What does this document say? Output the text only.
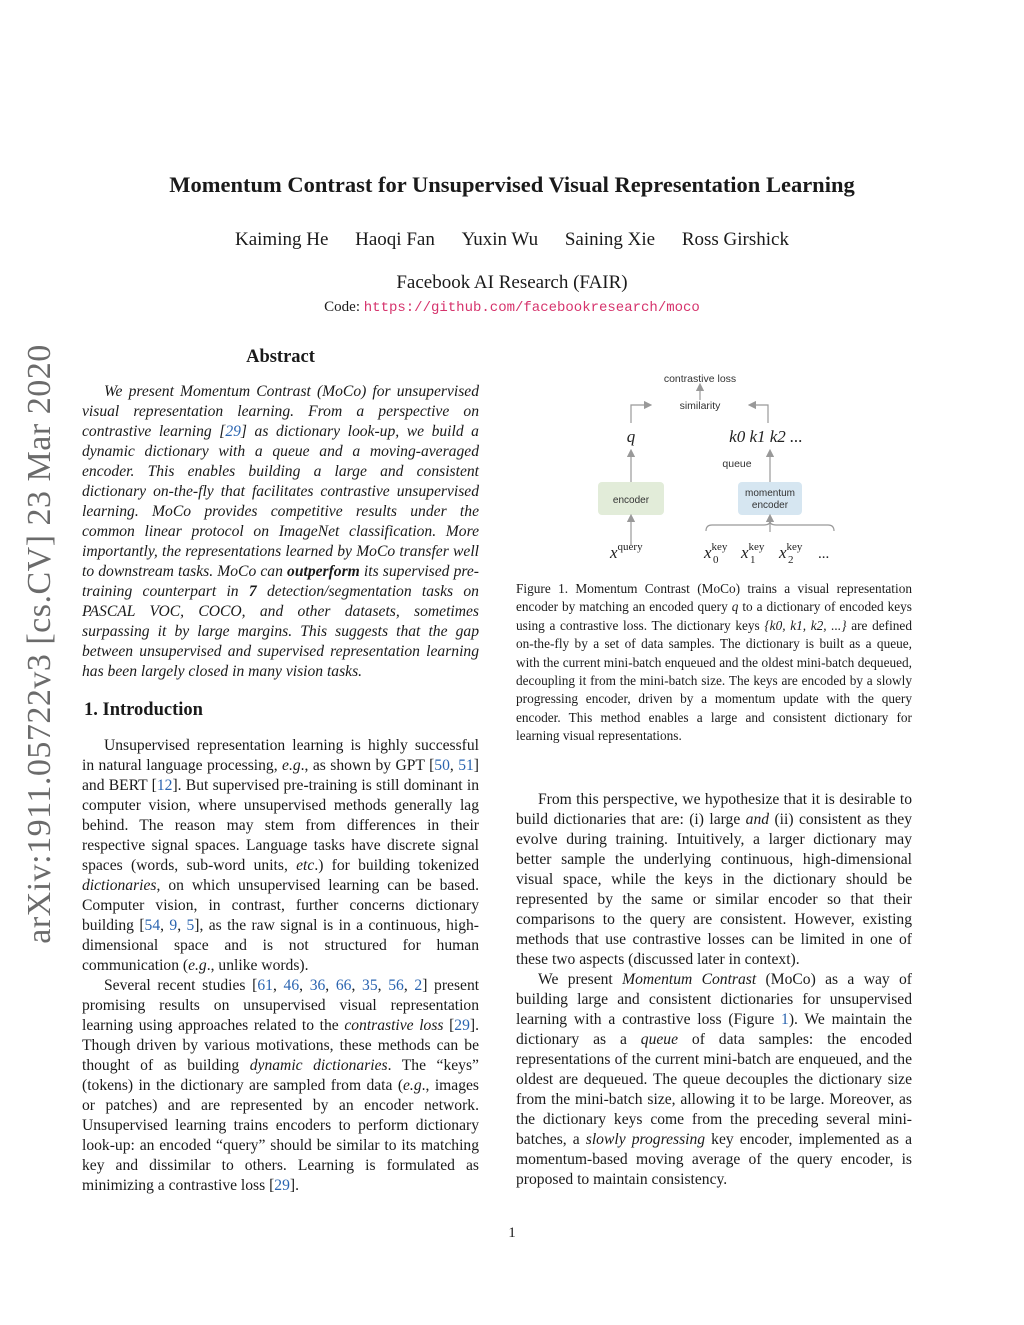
arXiv:1911.05722v3 [cs.CV] 23 Mar 2020
Momentum Contrast for Unsupervised Visual Representation Learning
Kaiming He Haoqi Fan Yuxin Wu Saining Xie Ross Girshick
Facebook AI Research (FAIR)
Code: https://github.com/facebookresearch/moco
Abstract

We present Momentum Contrast (MoCo) for unsupervised visual representation learning. From a perspective on contrastive learning [29] as dictionary look-up, we build a dynamic dictionary with a queue and a moving-averaged encoder. This enables building a large and consistent dictionary on-the-fly that facilitates contrastive unsupervised learning. MoCo provides competitive results under the common linear protocol on ImageNet classification. More importantly, the representations learned by MoCo transfer well to downstream tasks. MoCo can outperform its supervised pre-training counterpart in 7 detection/segmentation tasks on PASCAL VOC, COCO, and other datasets, sometimes surpassing it by large margins. This suggests that the gap between unsupervised and supervised representation learning has been largely closed in many vision tasks.

1. Introduction

Unsupervised representation learning is highly successful in natural language processing, e.g., as shown by GPT [50, 51] and BERT [12]. But supervised pre-training is still dominant in computer vision, where unsupervised methods generally lag behind. The reason may stem from differences in their respective signal spaces. Language tasks have discrete signal spaces (words, sub-word units, etc.) for building tokenized dictionaries, on which unsupervised learning can be based. Computer vision, in contrast, further concerns dictionary building [54, 9, 5], as the raw signal is in a continuous, high-dimensional space and is not structured for human communication (e.g., unlike words).

Several recent studies [61, 46, 36, 66, 35, 56, 2] present promising results on unsupervised visual representation learning using approaches related to the contrastive loss [29]. Though driven by various motivations, these methods can be thought of as building dynamic dictionaries. The “keys” (tokens) in the dictionary are sampled from data (e.g., images or patches) and are represented by an encoder network. Unsupervised learning trains encoders to perform dictionary look-up: an encoded “query” should be similar to its matching key and dissimilar to others. Learning is formulated as minimizing a contrastive loss [29].

contrastive loss
similarity
q	k0 k1 k2 ...
queue
encoder
momentum
encoder
$x^{query}$	$x^{key}$
0 $x^{key}$
1 $x^{key}$
2 ...
Figure 1. Momentum Contrast (MoCo) trains a visual representation encoder by matching an encoded query q to a dictionary of encoded keys using a contrastive loss. The dictionary keys {k0, k1, k2, ...} are defined on-the-fly by a set of data samples. The dictionary is built as a queue, with the current mini-batch enqueued and the oldest mini-batch dequeued, decoupling it from the mini-batch size. The keys are encoded by a slowly progressing encoder, driven by a momentum update with the query encoder. This method enables a large and consistent dictionary for learning visual representations.

From this perspective, we hypothesize that it is desirable to build dictionaries that are: (i) large and (ii) consistent as they evolve during training. Intuitively, a larger dictionary may better sample the underlying continuous, high-dimensional visual space, while the keys in the dictionary should be represented by the same or similar encoder so that their comparisons to the query are consistent. However, existing methods that use contrastive losses can be limited in one of these two aspects (discussed later in context).

We present Momentum Contrast (MoCo) as a way of building large and consistent dictionaries for unsupervised learning with a contrastive loss (Figure 1). We maintain the dictionary as a queue of data samples: the encoded representations of the current mini-batch are enqueued, and the oldest are dequeued. The queue decouples the dictionary size from the mini-batch size, allowing it to be large. Moreover, as the dictionary keys come from the preceding several mini-batches, a slowly progressing key encoder, implemented as a momentum-based moving average of the query encoder, is proposed to maintain consistency.

1
